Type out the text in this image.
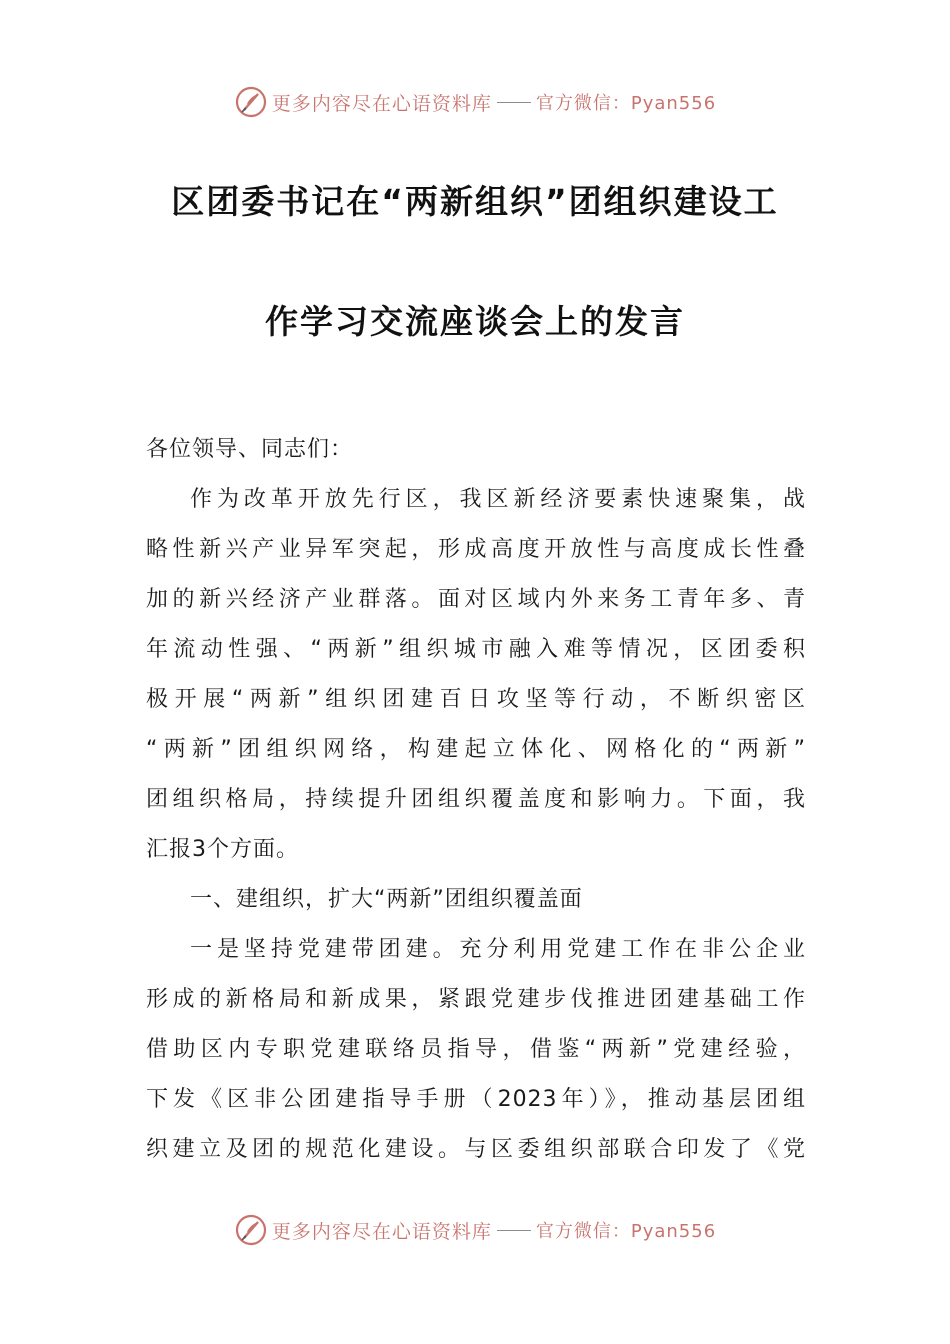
更多内容尽在心语资料库 官方微信：Pyan556
区团委书记在“两新组织”团组织建设工
作学习交流座谈会上的发言
各位领导、同志们：
作为改革开放先行区，我区新经济要素快速聚集，战
略性新兴产业异军突起，形成高度开放性与高度成长性叠
加的新兴经济产业群落。面对区域内外来务工青年多、青
年流动性强、“两新”组织城市融入难等情况，区团委积
极开展“两新”组织团建百日攻坚等行动，不断织密区
“两新”团组织网络，构建起立体化、网格化的“两新”
团组织格局，持续提升团组织覆盖度和影响力。下面，我
汇报3个方面。
一、建组织，扩大“两新”团组织覆盖面
一是坚持党建带团建。充分利用党建工作在非公企业
形成的新格局和新成果，紧跟党建步伐推进团建基础工作
借助区内专职党建联络员指导，借鉴“两新”党建经验，
下发《区非公团建指导手册（2023年）》，推动基层团组
织建立及团的规范化建设。与区委组织部联合印发了《党
更多内容尽在心语资料库 官方微信：Pyan556
